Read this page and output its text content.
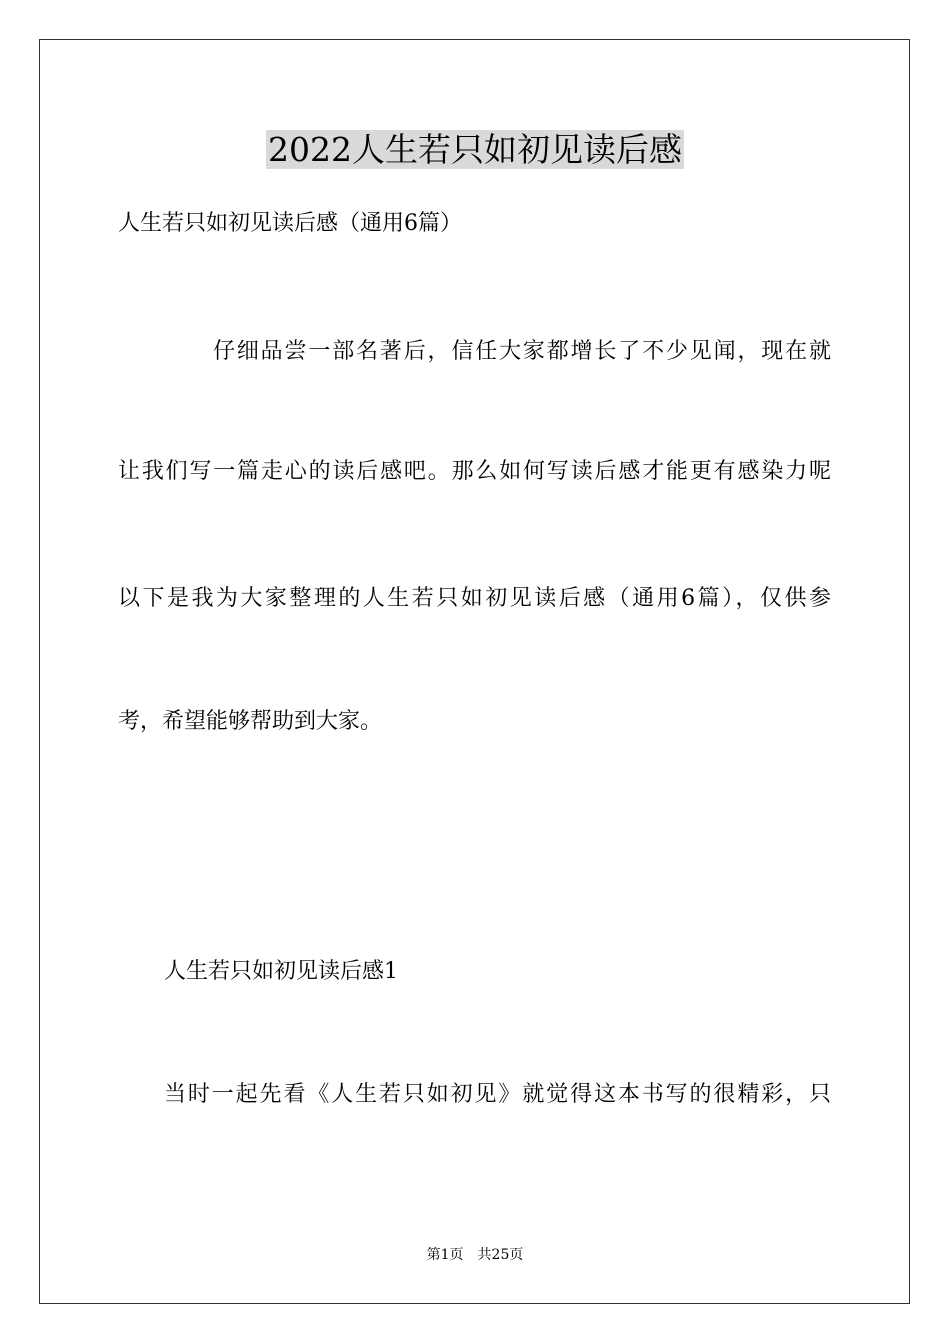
2022人生若只如初见读后感
人生若只如初见读后感（通用6篇）
仔细品尝一部名著后，信任大家都增长了不少见闻，现在就
让我们写一篇走心的读后感吧。那么如何写读后感才能更有感染力呢
以下是我为大家整理的人生若只如初见读后感（通用6篇），仅供参
考，希望能够帮助到大家。
人生若只如初见读后感1
当时一起先看《人生若只如初见》就觉得这本书写的很精彩，只
第1页　共25页
